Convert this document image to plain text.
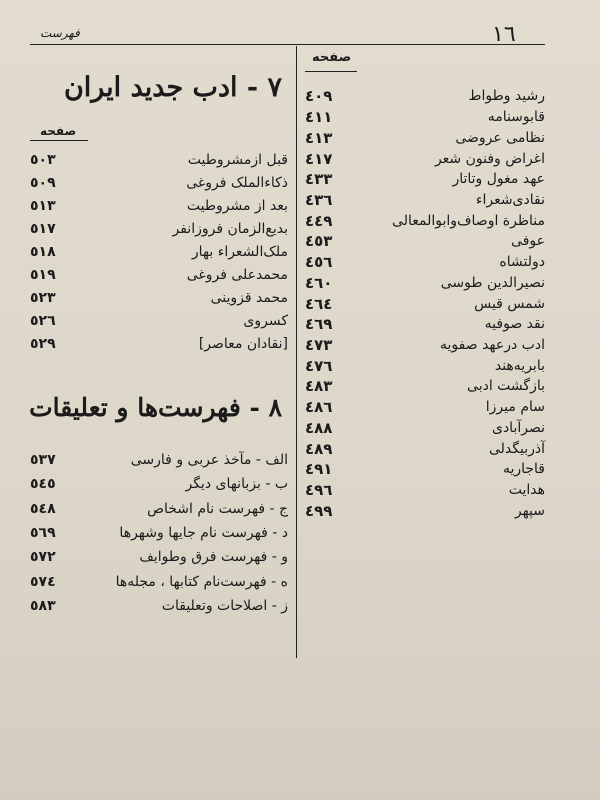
فهرست	١٦
صفحه
٤٠٩	رشید وطواط
٤١١	قابوسنامه
٤١٣	نظامی عروضی
٤١٧	اغراض وفنون شعر
٤٣٣	عهد مغول وتاتار
٤٣٦	نقادی‌شعراء
٤٤٩	مناظرة اوصاف‌وابوالمعالی
٤٥٣	عوفی
٤٥٦	دولتشاه
٤٦٠	نصیرالدین طوسی
٤٦٤	شمس قیس
٤٦٩	نقد صوفیه
٤٧٣	ادب درعهد صفویه
٤٧٦	بابریه‌هند
٤٨٣	بازگشت ادبی
٤٨٦	سام میرزا
٤٨٨	نصرآبادی
٤٨٩	آذربیگدلی
٤٩١	قاجاریه
٤٩٦	هدایت
٤٩٩	سپهر
٧ - ادب جدید ایران
صفحه
٥٠٣	قبل ازمشروطیت
٥٠٩	ذکاءالملک فروغی
٥١٣	بعد از مشروطیت
٥١٧	بدیع‌الزمان فروزانفر
٥١٨	ملک‌الشعراء بهار
٥١٩	محمدعلی فروغی
٥٢٣	محمد قزوینی
٥٢٦	کسروی
٥٢٩	[نقادان معاصر]
٨ - فهرست‌ها و تعلیقات
٥٣٧	الف - مآخذ عربی و فارسی
٥٤٥	ب - بزبانهای دیگر
٥٤٨	ج - فهرست نام اشخاص
٥٦٩	د - فهرست نام جایها وشهرها
٥٧٢	و - فهرست فرق وطوایف
٥٧٤	ه - فهرست‌نام کتابها ، مجله‌ها
٥٨٣	ز - اصلاحات وتعلیقات
